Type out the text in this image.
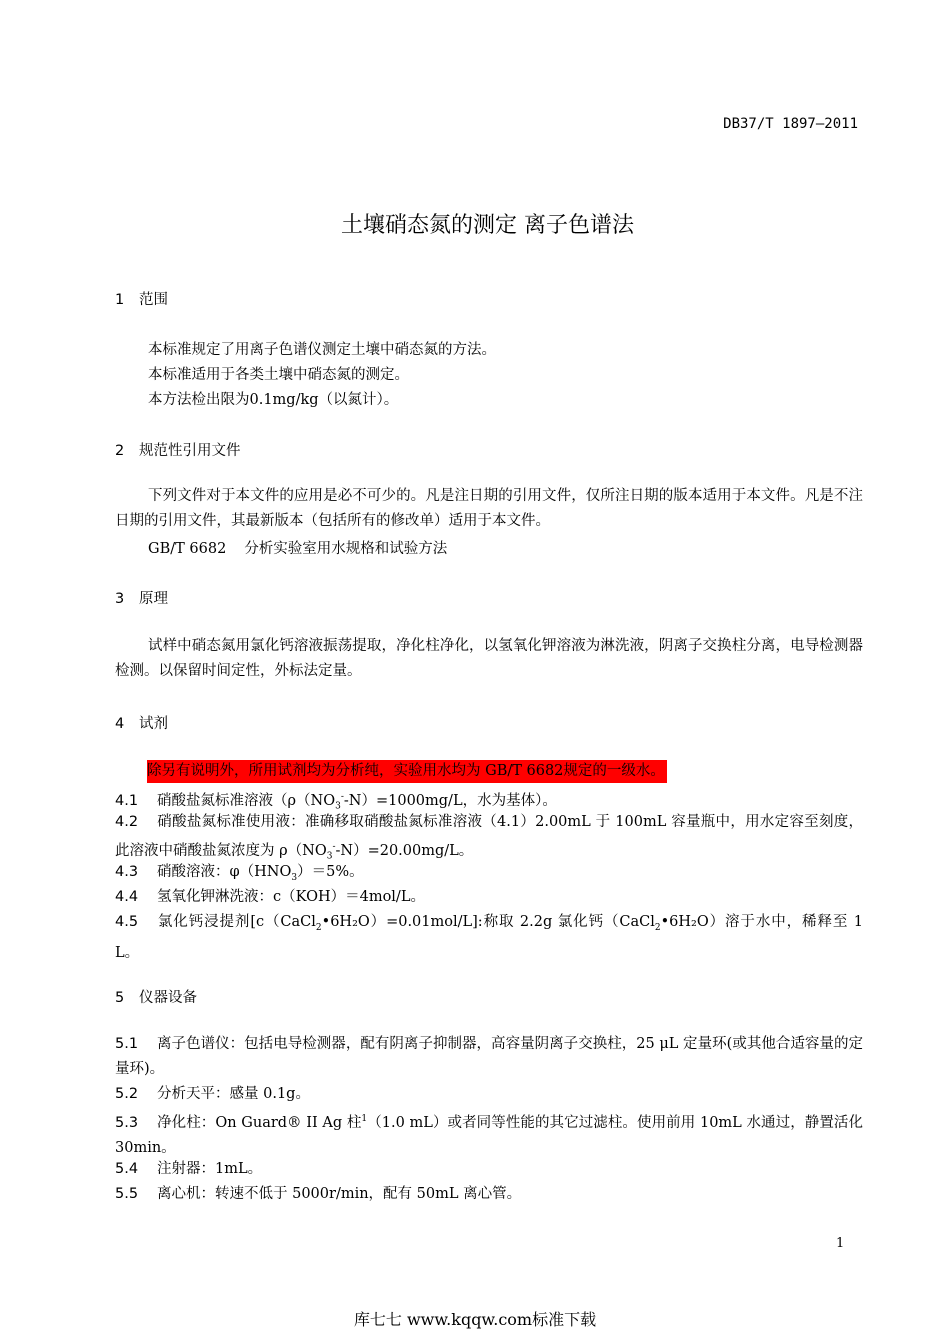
DB37/T 1897—2011
土壤硝态氮的测定 离子色谱法
1 范围
本标准规定了用离子色谱仪测定土壤中硝态氮的方法。
本标准适用于各类土壤中硝态氮的测定。
本方法检出限为0.1mg/kg（以氮计）。
2 规范性引用文件
下列文件对于本文件的应用是必不可少的。凡是注日期的引用文件，仅所注日期的版本适用于本文件。凡是不注日期的引用文件，其最新版本（包括所有的修改单）适用于本文件。
GB/T 6682 分析实验室用水规格和试验方法
3 原理
试样中硝态氮用氯化钙溶液振荡提取，净化柱净化，以氢氧化钾溶液为淋洗液，阴离子交换柱分离，电导检测器检测。以保留时间定性，外标法定量。
4 试剂
除另有说明外，所用试剂均为分析纯，实验用水均为 GB/T 6682规定的一级水。
4.1 硝酸盐氮标准溶液（$\rho(NO_3^--N)=1000mg/L$，水为基体）。
4.2 硝酸盐氮标准使用液：准确移取硝酸盐氮标准溶液（4.1）2.00mL 于 100mL 容量瓶中，用水定容至刻度，此溶液中硝酸盐氮浓度为 $\rho(NO_3^--N)=20.00mg/L$。
4.3 硝酸溶液：$\varphi(HNO_3)=5\%$。
4.4 氢氧化钾淋洗液：c（KOH）＝4mol/L。
4.5 氯化钙浸提剂[c（CaCl$_2$•6H₂O）=0.01mol/L]:称取 2.2g 氯化钙（CaCl$_2$•6H₂O）溶于水中，稀释至 1 L。
5 仪器设备
5.1 离子色谱仪：包括电导检测器，配有阴离子抑制器，高容量阴离子交换柱，25 μL 定量环(或其他合适容量的定量环)。
5.2 分析天平：感量 0.1g。
5.3 净化柱：On Guard® II Ag 柱$^1$（1.0 mL）或者同等性能的其它过滤柱。使用前用 10mL 水通过，静置活化 30min。
5.4 注射器：1mL。
5.5 离心机：转速不低于 5000r/min，配有 50mL 离心管。
1
库七七 www.kqqw.com标准下载
